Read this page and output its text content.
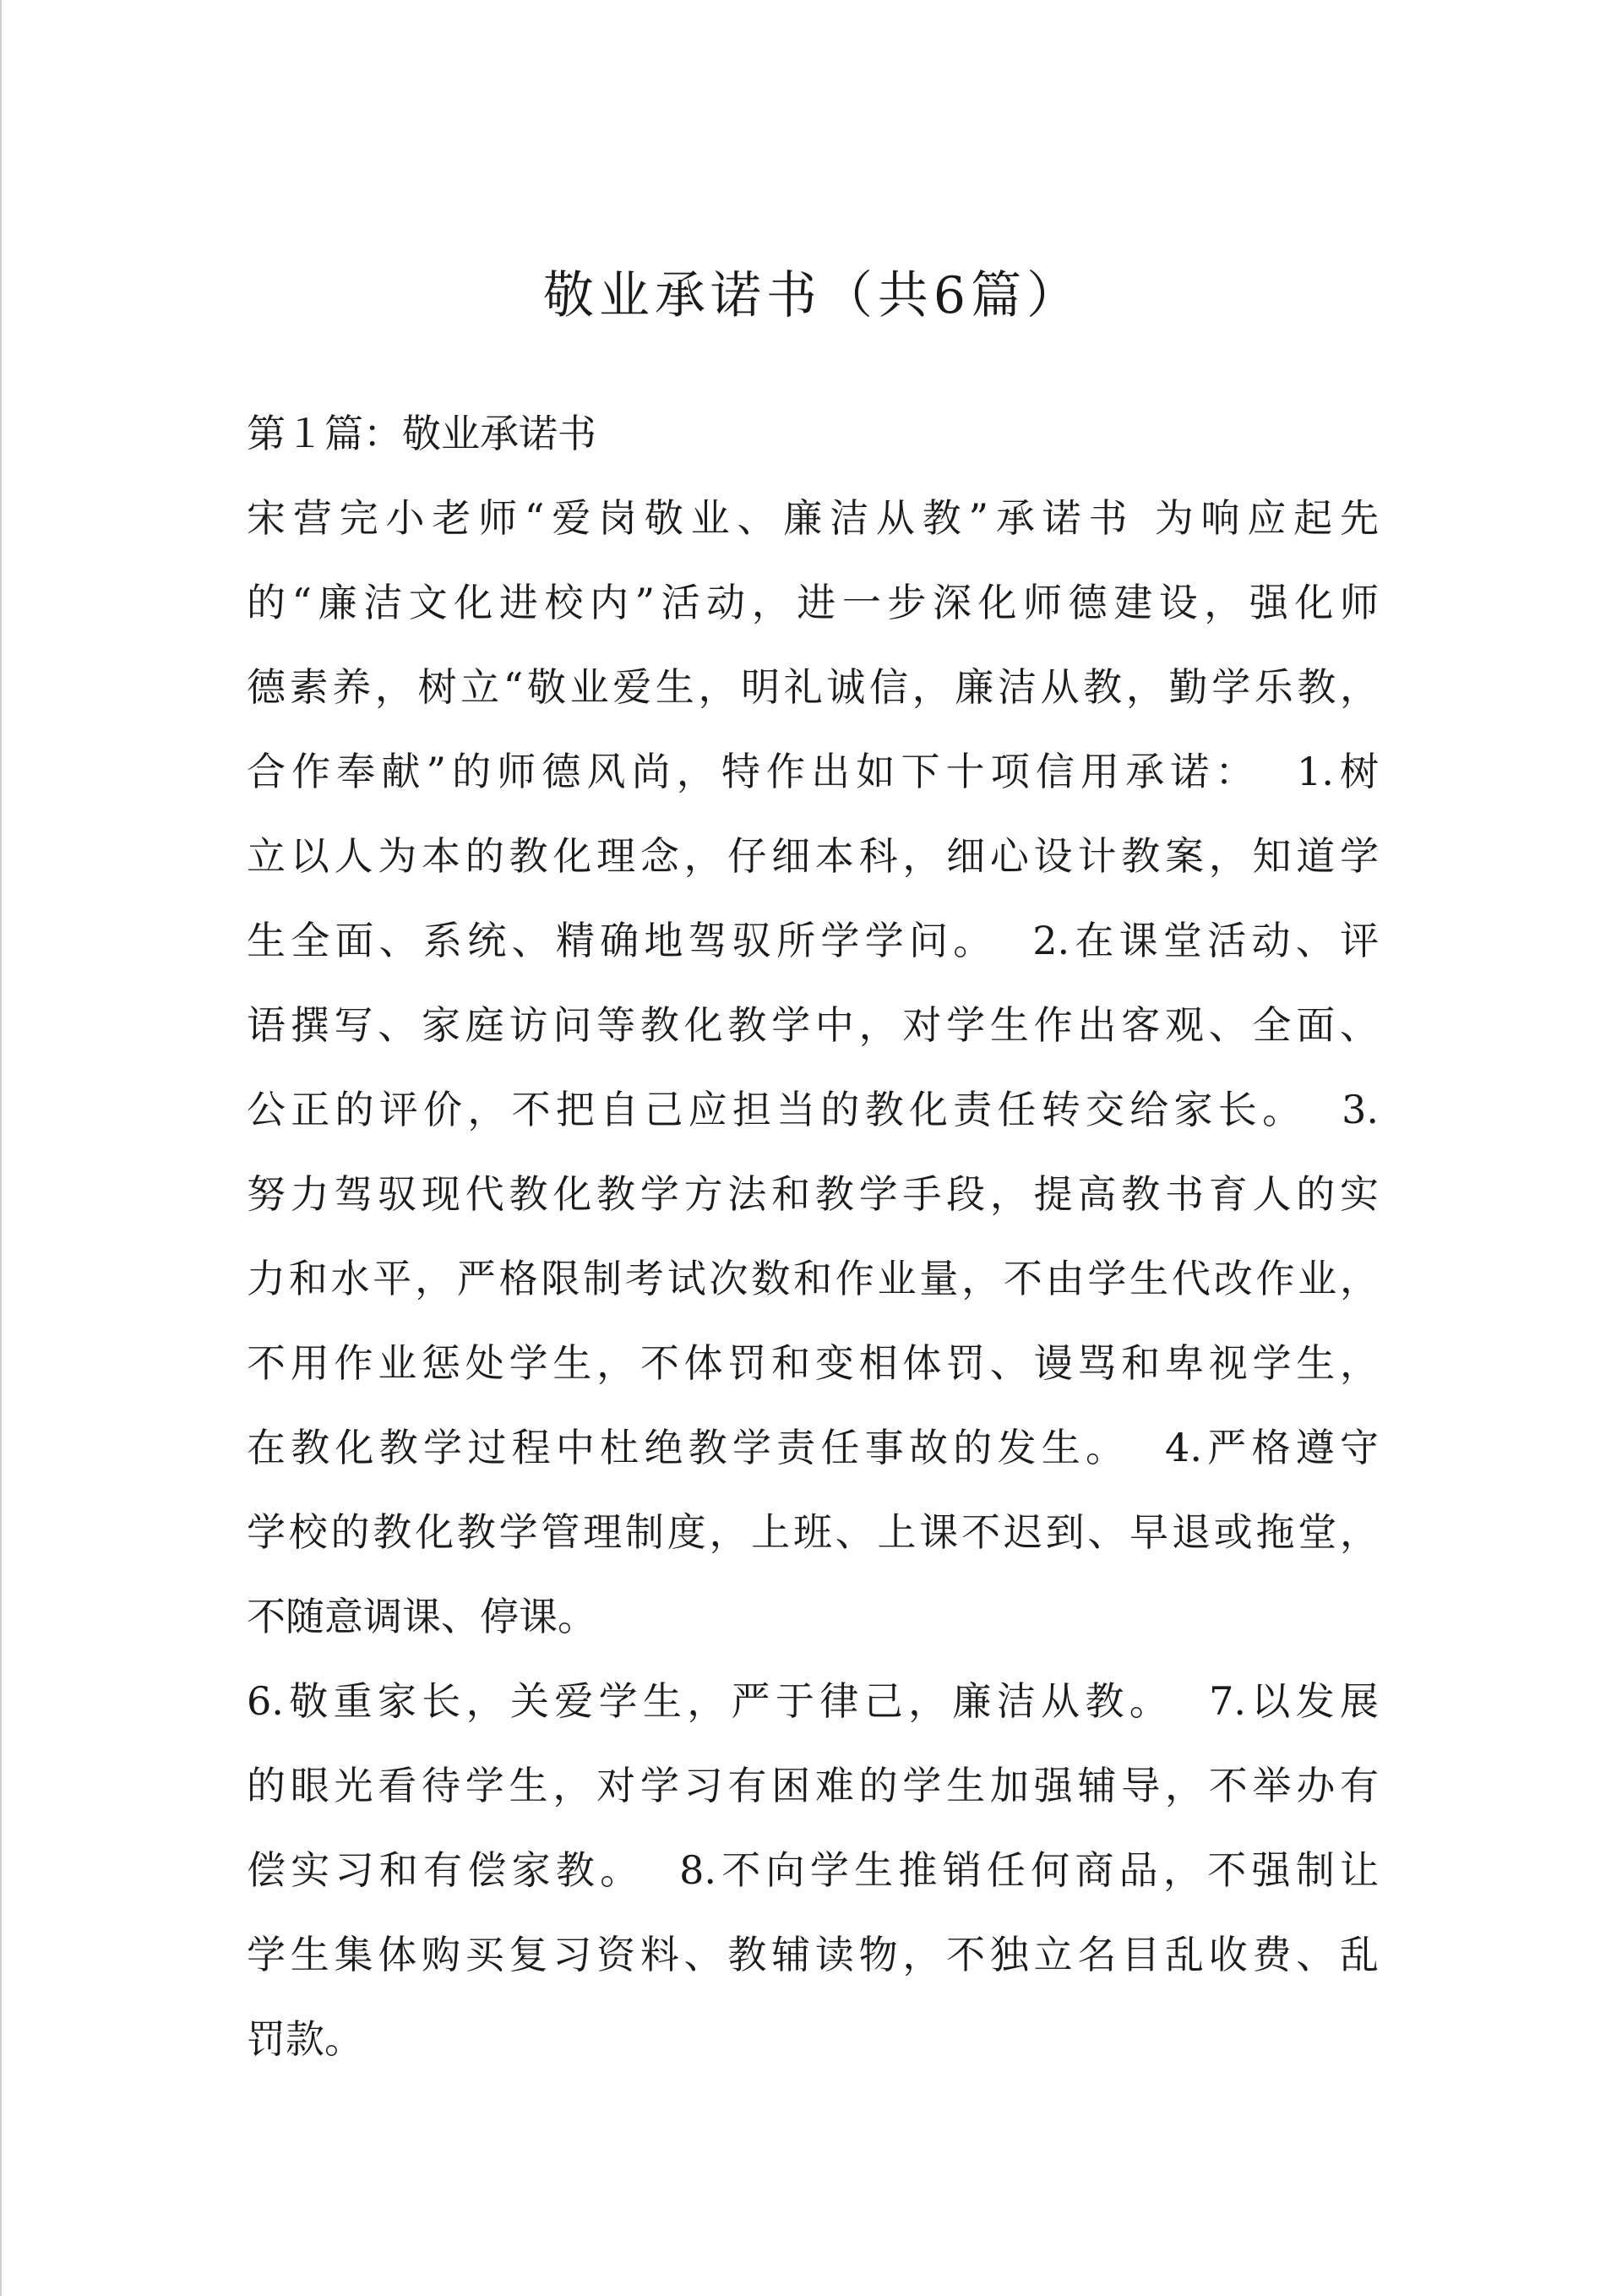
敬业承诺书（共6篇）

第１篇：敬业承诺书

宋营完小老师“爱岗敬业、廉洁从教”承诺书 为响应起先

的“廉洁文化进校内”活动，进一步深化师德建设，强化师

德素养，树立“敬业爱生，明礼诚信，廉洁从教，勤学乐教，

合作奉献”的师德风尚，特作出如下十项信用承诺：  1.树

立以人为本的教化理念，仔细本科，细心设计教案，知道学

生全面、系统、精确地驾驭所学学问。  2.在课堂活动、评

语撰写、家庭访问等教化教学中，对学生作出客观、全面、

公正的评价，不把自己应担当的教化责任转交给家长。  3.

努力驾驭现代教化教学方法和教学手段，提高教书育人的实

力和水平，严格限制考试次数和作业量，不由学生代改作业，

不用作业惩处学生，不体罚和变相体罚、谩骂和卑视学生，

在教化教学过程中杜绝教学责任事故的发生。  4.严格遵守

学校的教化教学管理制度，上班、上课不迟到、早退或拖堂，

不随意调课、停课。

6.敬重家长，关爱学生，严于律己，廉洁从教。  7.以发展

的眼光看待学生，对学习有困难的学生加强辅导，不举办有

偿实习和有偿家教。  8.不向学生推销任何商品，不强制让

学生集体购买复习资料、教辅读物，不独立名目乱收费、乱

罚款。
